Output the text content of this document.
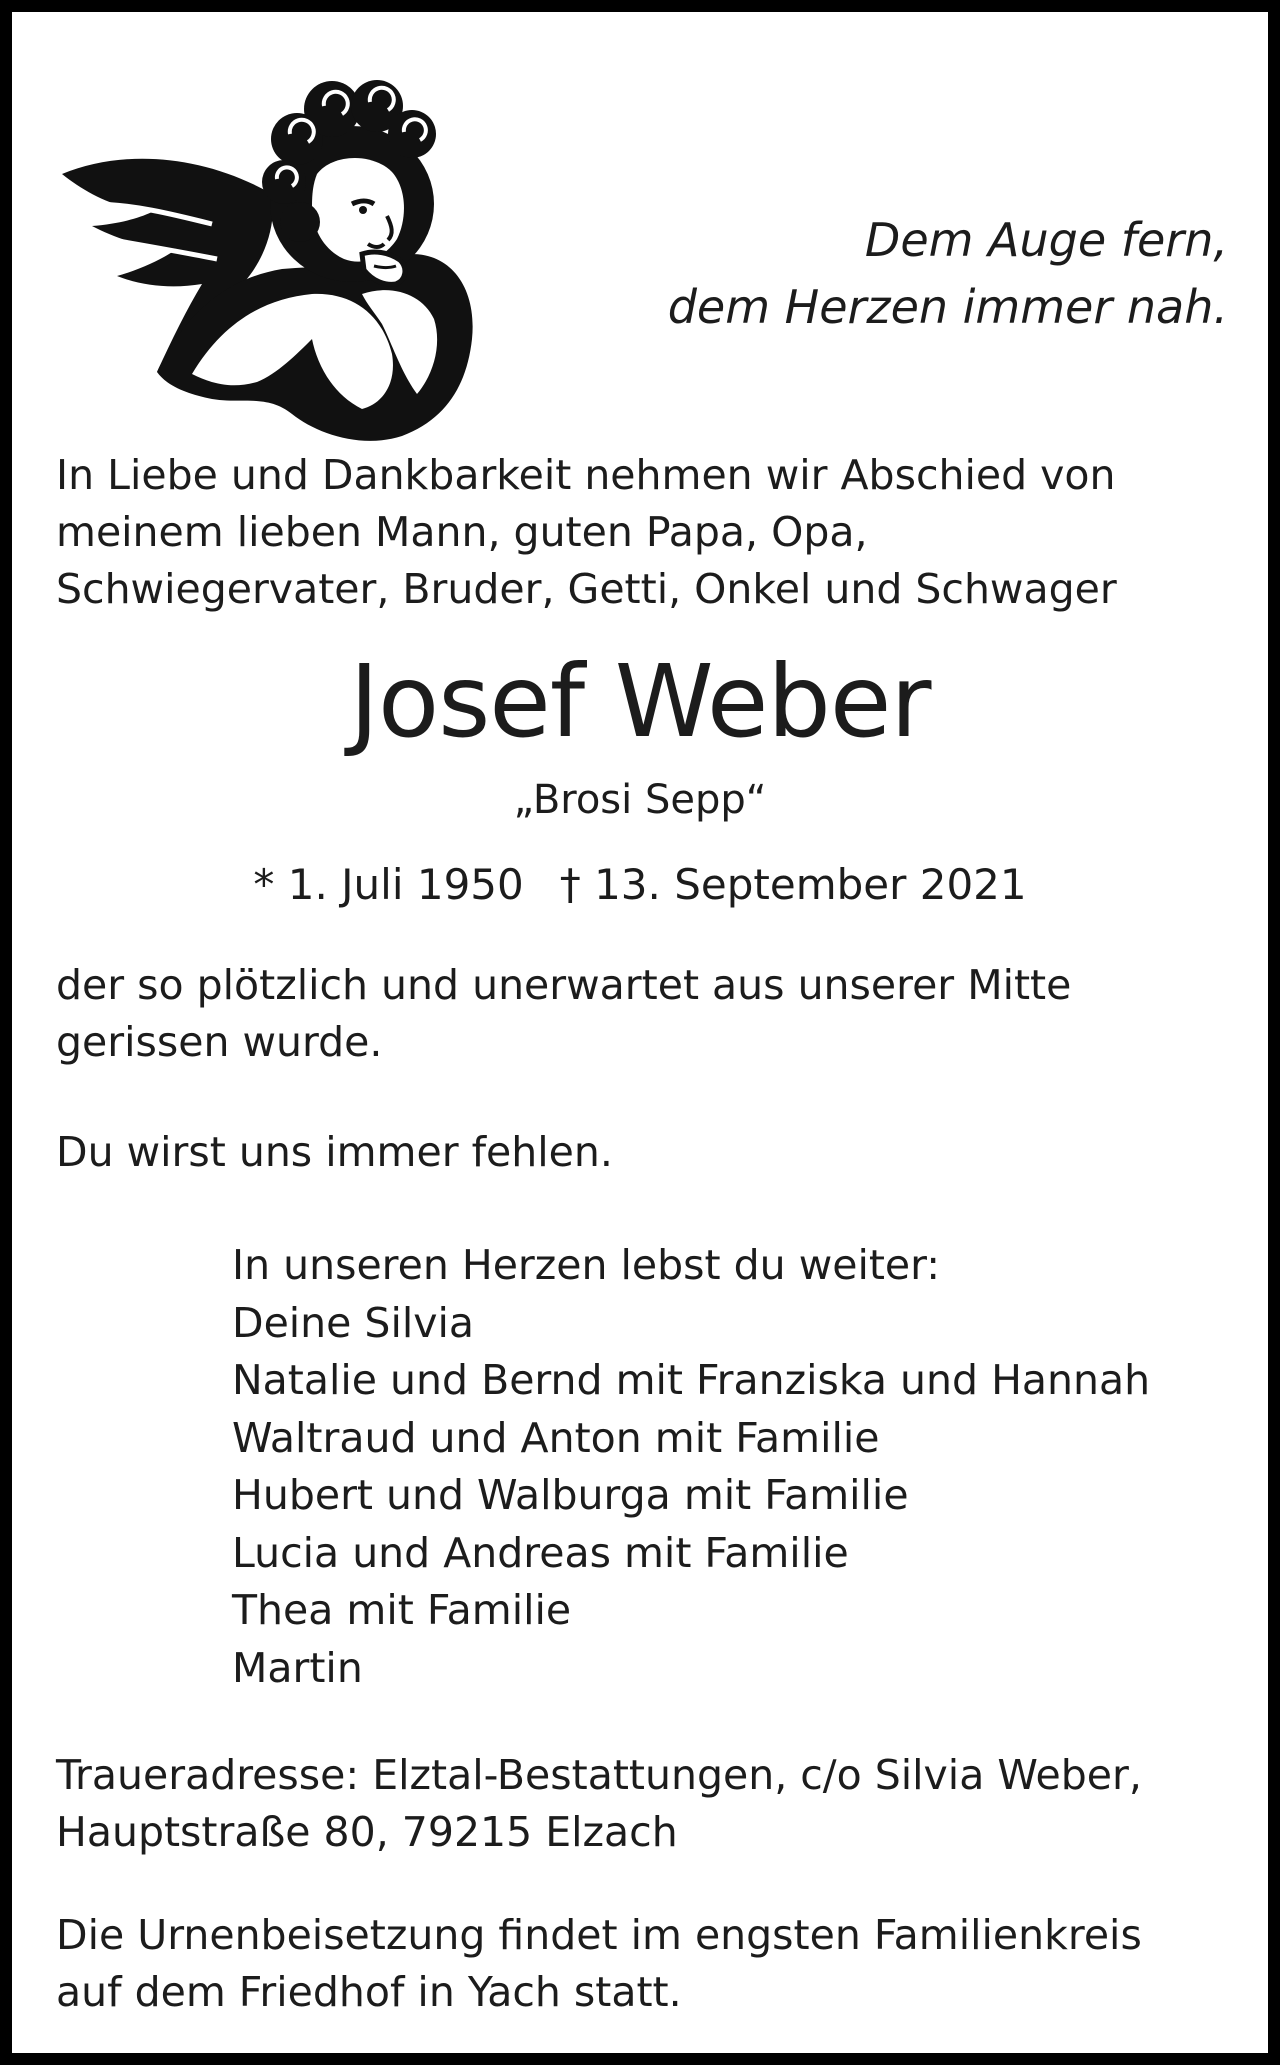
Dem Auge fern,
dem Herzen immer nah.
In Liebe und Dankbarkeit nehmen wir Abschied von
meinem lieben Mann, guten Papa, Opa,
Schwiegervater, Bruder, Getti, Onkel und Schwager
Josef Weber
„Brosi Sepp“
* 1. Juli 1950 † 13. September 2021
der so plötzlich und unerwartet aus unserer Mitte
gerissen wurde.
Du wirst uns immer fehlen.
In unseren Herzen lebst du weiter:
Deine Silvia
Natalie und Bernd mit Franziska und Hannah
Waltraud und Anton mit Familie
Hubert und Walburga mit Familie
Lucia und Andreas mit Familie
Thea mit Familie
Martin
Traueradresse: Elztal-Bestattungen, c/o Silvia Weber,
Hauptstraße 80, 79215 Elzach
Die Urnenbeisetzung findet im engsten Familienkreis
auf dem Friedhof in Yach statt.
